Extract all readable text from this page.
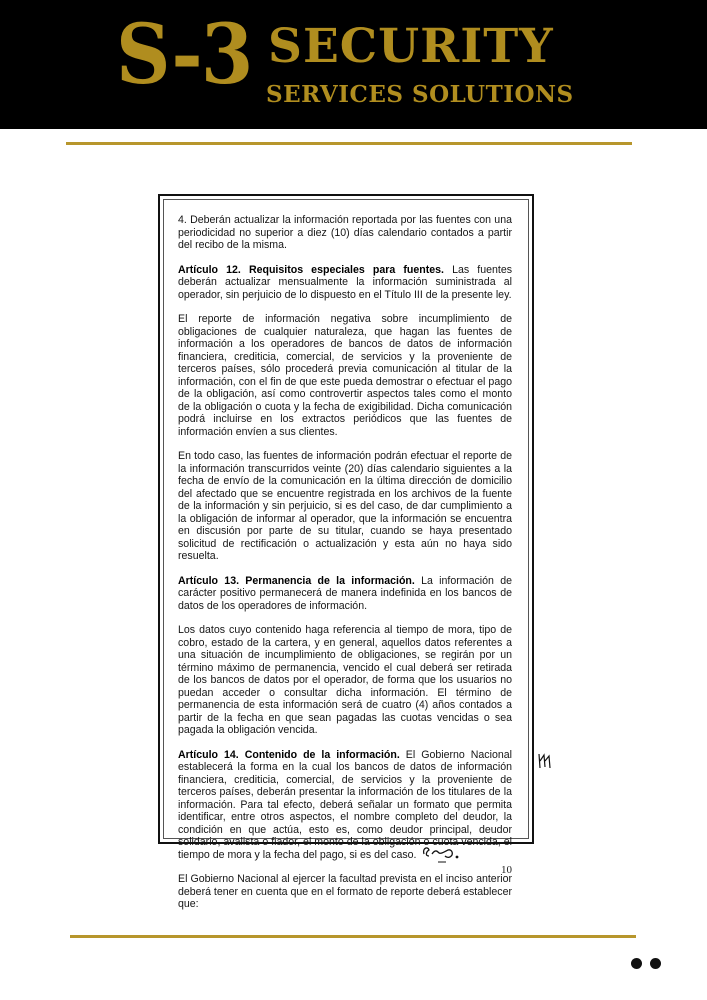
S-3 SECURITY
SERVICES SOLUTIONS

4. Deberán actualizar la información reportada por las fuentes con una periodicidad no superior a diez (10) días calendario contados a partir del recibo de la misma.

Artículo 12. Requisitos especiales para fuentes. Las fuentes deberán actualizar mensualmente la información suministrada al operador, sin perjuicio de lo dispuesto en el Título III de la presente ley.

El reporte de información negativa sobre incumplimiento de obligaciones de cualquier naturaleza, que hagan las fuentes de información a los operadores de bancos de datos de información financiera, crediticia, comercial, de servicios y la proveniente de terceros países, sólo procederá previa comunicación al titular de la información, con el fin de que este pueda demostrar o efectuar el pago de la obligación, así como controvertir aspectos tales como el monto de la obligación o cuota y la fecha de exigibilidad. Dicha comunicación podrá incluirse en los extractos periódicos que las fuentes de información envíen a sus clientes.

En todo caso, las fuentes de información podrán efectuar el reporte de la información transcurridos veinte (20) días calendario siguientes a la fecha de envío de la comunicación en la última dirección de domicilio del afectado que se encuentre registrada en los archivos de la fuente de la información y sin perjuicio, si es del caso, de dar cumplimiento a la obligación de informar al operador, que la información se encuentra en discusión por parte de su titular, cuando se haya presentado solicitud de rectificación o actualización y esta aún no haya sido resuelta.

Artículo 13. Permanencia de la información. La información de carácter positivo permanecerá de manera indefinida en los bancos de datos de los operadores de información.

Los datos cuyo contenido haga referencia al tiempo de mora, tipo de cobro, estado de la cartera, y en general, aquellos datos referentes a una situación de incumplimiento de obligaciones, se regirán por un término máximo de permanencia, vencido el cual deberá ser retirada de los bancos de datos por el operador, de forma que los usuarios no puedan acceder o consultar dicha información. El término de permanencia de esta información será de cuatro (4) años contados a partir de la fecha en que sean pagadas las cuotas vencidas o sea pagada la obligación vencida.

Artículo 14. Contenido de la información. El Gobierno Nacional establecerá la forma en la cual los bancos de datos de información financiera, crediticia, comercial, de servicios y la proveniente de terceros países, deberán presentar la información de los titulares de la información. Para tal efecto, deberá señalar un formato que permita identificar, entre otros aspectos, el nombre completo del deudor, la condición en que actúa, esto es, como deudor principal, deudor solidario, avalista o fiador, el monto de la obligación o cuota vencida, el tiempo de mora y la fecha del pago, si es del caso.

El Gobierno Nacional al ejercer la facultad prevista en el inciso anterior deberá tener en cuenta que en el formato de reporte deberá establecer que:

10
